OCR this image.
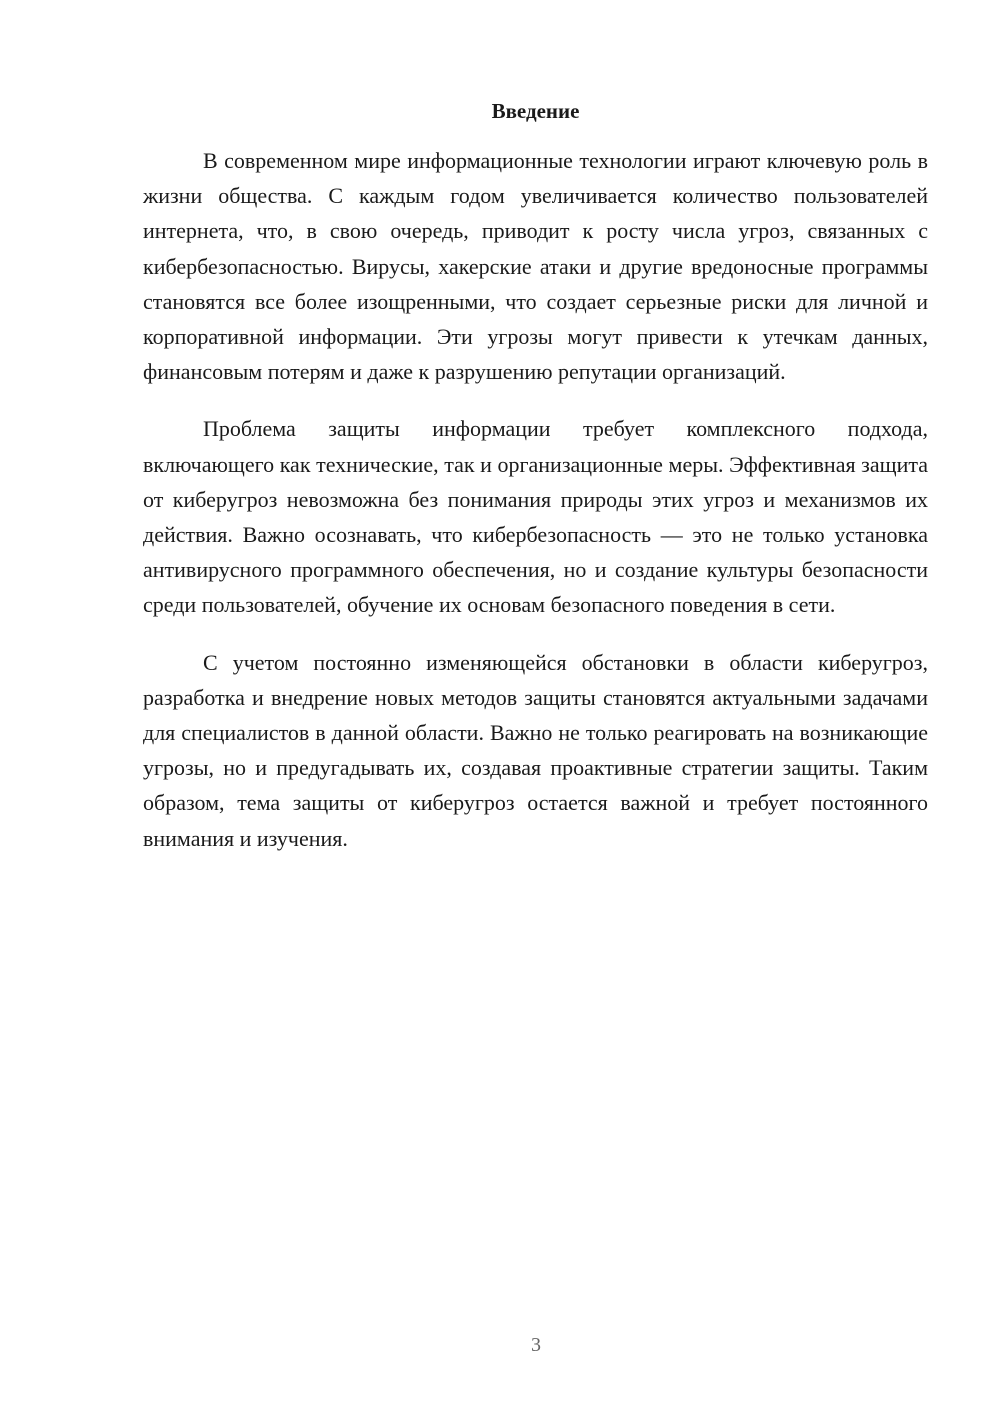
Введение

В современном мире информационные технологии играют ключевую роль в жизни общества. С каждым годом увеличивается количество пользователей интернета, что, в свою очередь, приводит к росту числа угроз, связанных с кибербезопасностью. Вирусы, хакерские атаки и другие вредоносные программы становятся все более изощренными, что создает серьезные риски для личной и корпоративной информации. Эти угрозы могут привести к утечкам данных, финансовым потерям и даже к разрушению репутации организаций.

Проблема защиты информации требует комплексного подхода, включающего как технические, так и организационные меры. Эффективная защита от киберугроз невозможна без понимания природы этих угроз и механизмов их действия. Важно осознавать, что кибербезопасность — это не только установка антивирусного программного обеспечения, но и создание культуры безопасности среди пользователей, обучение их основам безопасного поведения в сети.

С учетом постоянно изменяющейся обстановки в области киберугроз, разработка и внедрение новых методов защиты становятся актуальными задачами для специалистов в данной области. Важно не только реагировать на возникающие угрозы, но и предугадывать их, создавая проактивные стратегии защиты. Таким образом, тема защиты от киберугроз остается важной и требует постоянного внимания и изучения.

3
